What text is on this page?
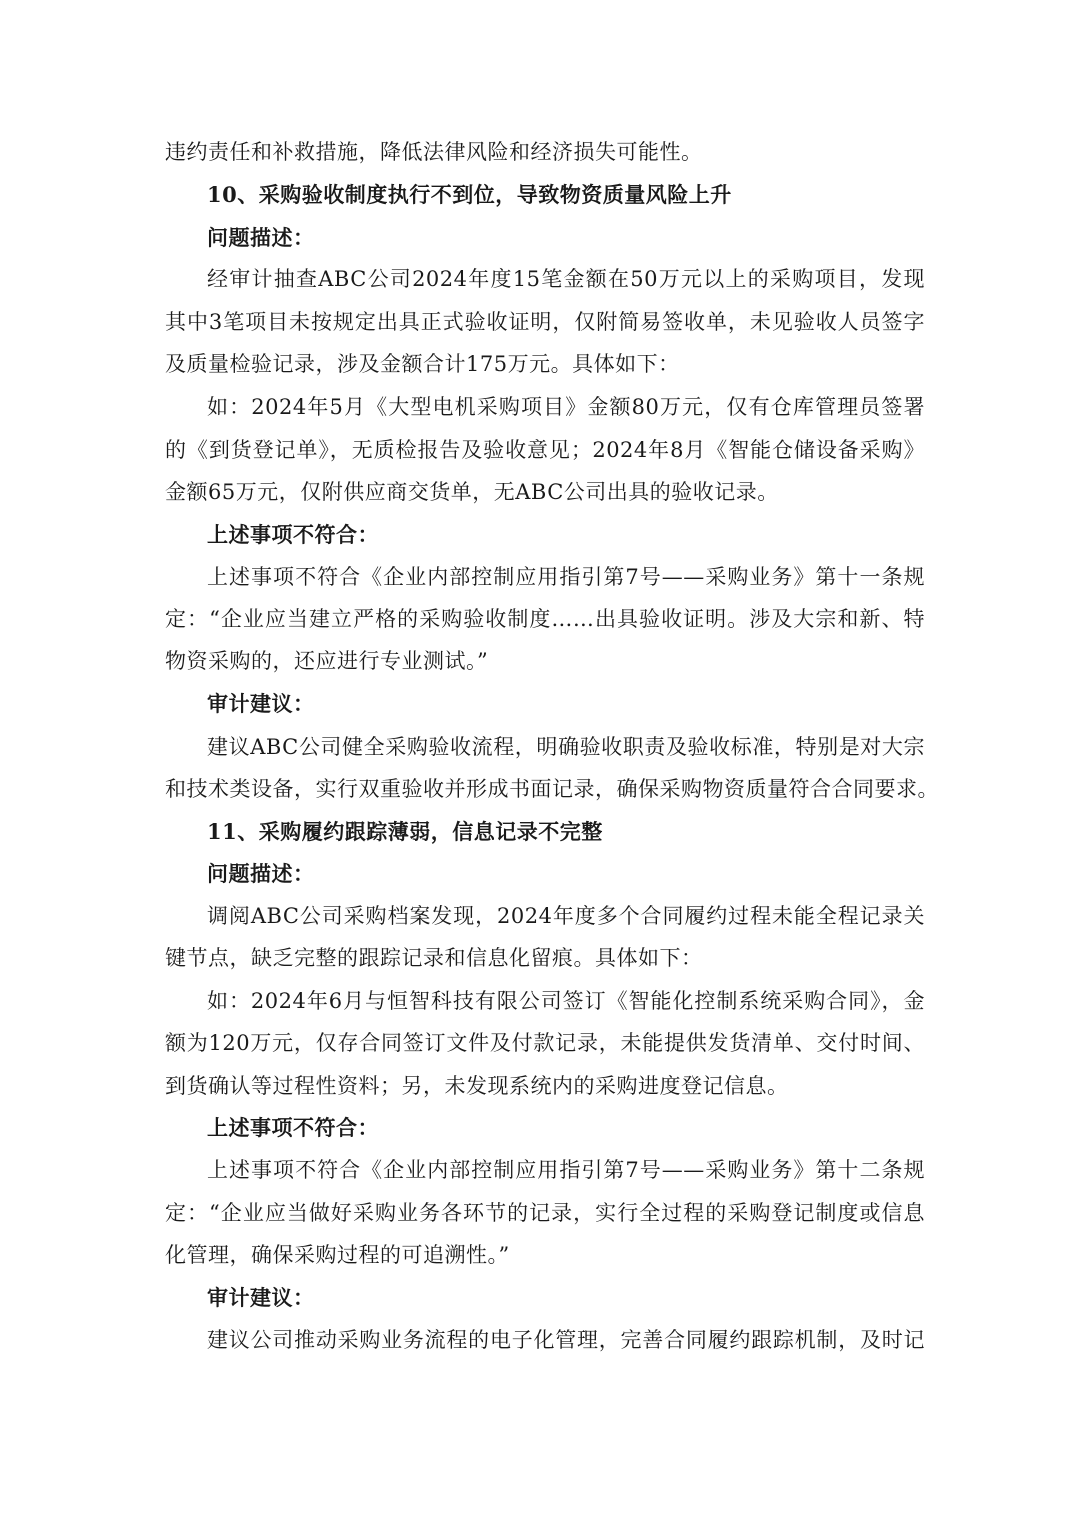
违约责任和补救措施，降低法律风险和经济损失可能性。
10、采购验收制度执行不到位，导致物资质量风险上升
问题描述：
经审计抽查ABC公司2024年度15笔金额在50万元以上的采购项目，发现
其中3笔项目未按规定出具正式验收证明，仅附简易签收单，未见验收人员签字
及质量检验记录，涉及金额合计175万元。具体如下：
如：2024年5月《大型电机采购项目》金额80万元，仅有仓库管理员签署
的《到货登记单》，无质检报告及验收意见；2024年8月《智能仓储设备采购》
金额65万元，仅附供应商交货单，无ABC公司出具的验收记录。
上述事项不符合：
上述事项不符合《企业内部控制应用指引第7号——采购业务》第十一条规
定：“企业应当建立严格的采购验收制度……出具验收证明。涉及大宗和新、特
物资采购的，还应进行专业测试。”
审计建议：
建议ABC公司健全采购验收流程，明确验收职责及验收标准，特别是对大宗
和技术类设备，实行双重验收并形成书面记录，确保采购物资质量符合合同要求。
11、采购履约跟踪薄弱，信息记录不完整
问题描述：
调阅ABC公司采购档案发现，2024年度多个合同履约过程未能全程记录关
键节点，缺乏完整的跟踪记录和信息化留痕。具体如下：
如：2024年6月与恒智科技有限公司签订《智能化控制系统采购合同》，金
额为120万元，仅存合同签订文件及付款记录，未能提供发货清单、交付时间、
到货确认等过程性资料；另，未发现系统内的采购进度登记信息。
上述事项不符合：
上述事项不符合《企业内部控制应用指引第7号——采购业务》第十二条规
定：“企业应当做好采购业务各环节的记录，实行全过程的采购登记制度或信息
化管理，确保采购过程的可追溯性。”
审计建议：
建议公司推动采购业务流程的电子化管理，完善合同履约跟踪机制，及时记
